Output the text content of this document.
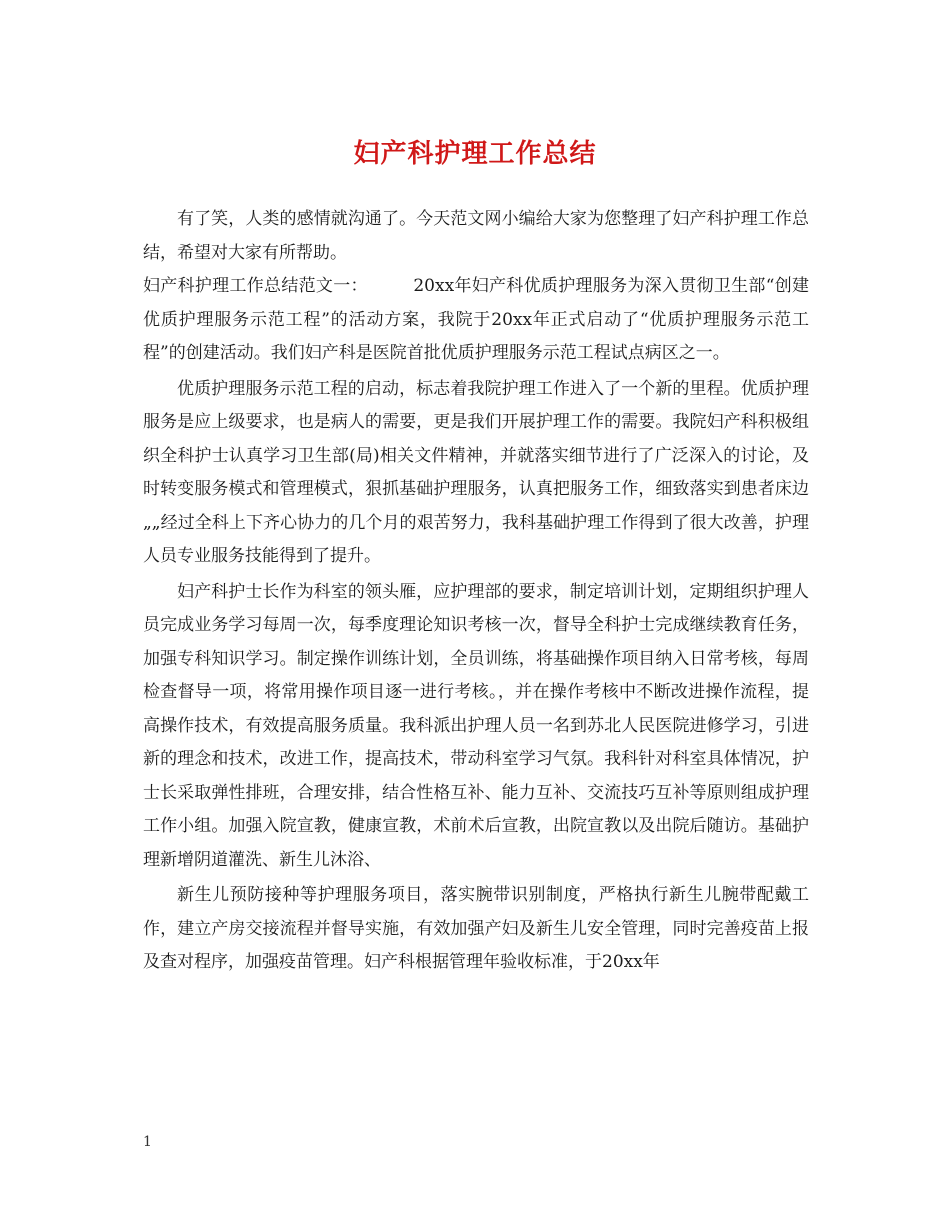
妇产科护理工作总结

有了笑，人类的感情就沟通了。今天范文网小编给大家为您整理了妇产科护理工作总结，希望对大家有所帮助。

妇产科护理工作总结范文一：        20xx年妇产科优质护理服务为深入贯彻卫生部“创建优质护理服务示范工程”的活动方案，我院于20xx年正式启动了“优质护理服务示范工程”的创建活动。我们妇产科是医院首批优质护理服务示范工程试点病区之一。

优质护理服务示范工程的启动，标志着我院护理工作进入了一个新的里程。优质护理服务是应上级要求，也是病人的需要，更是我们开展护理工作的需要。我院妇产科积极组织全科护士认真学习卫生部(局)相关文件精神，并就落实细节进行了广泛深入的讨论，及时转变服务模式和管理模式，狠抓基础护理服务，认真把服务工作，细致落实到患者床边„„经过全科上下齐心协力的几个月的艰苦努力，我科基础护理工作得到了很大改善，护理人员专业服务技能得到了提升。

妇产科护士长作为科室的领头雁，应护理部的要求，制定培训计划，定期组织护理人员完成业务学习每周一次，每季度理论知识考核一次，督导全科护士完成继续教育任务，加强专科知识学习。制定操作训练计划，全员训练，将基础操作项目纳入日常考核，每周检查督导一项，将常用操作项目逐一进行考核。，并在操作考核中不断改进操作流程，提高操作技术，有效提高服务质量。我科派出护理人员一名到苏北人民医院进修学习，引进新的理念和技术，改进工作，提高技术，带动科室学习气氛。我科针对科室具体情况，护士长采取弹性排班，合理安排，结合性格互补、能力互补、交流技巧互补等原则组成护理工作小组。加强入院宣教，健康宣教，术前术后宣教，出院宣教以及出院后随访。基础护理新增阴道灌洗、新生儿沐浴、

新生儿预防接种等护理服务项目，落实腕带识别制度，严格执行新生儿腕带配戴工作，建立产房交接流程并督导实施，有效加强产妇及新生儿安全管理，同时完善疫苗上报及查对程序，加强疫苗管理。妇产科根据管理年验收标准，于20xx年

1
